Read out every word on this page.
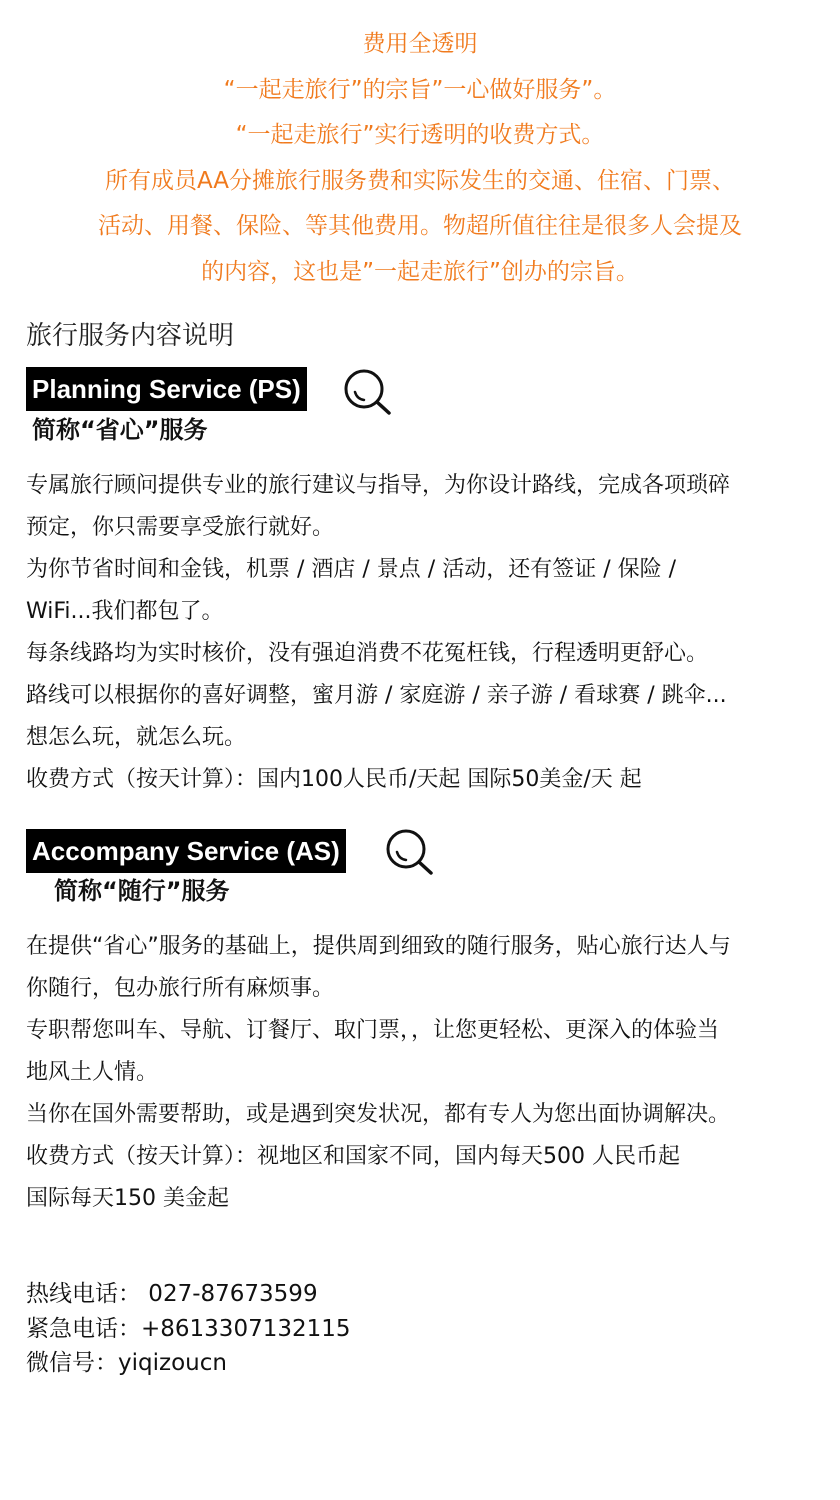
费用全透明
“一起走旅行”的宗旨”一心做好服务”。
“一起走旅行”实行透明的收费方式。
所有成员AA分摊旅行服务费和实际发生的交通、住宿、门票、
活动、用餐、保险、等其他费用。物超所值往往是很多人会提及
的内容，这也是”一起走旅行”创办的宗旨。
旅行服务内容说明
Planning Service (PS)
简称“省心”服务
专属旅行顾问提供专业的旅行建议与指导，为你设计路线，完成各项琐碎
预定，你只需要享受旅行就好。
为你节省时间和金钱，机票 / 酒店 / 景点 / 活动，还有签证 / 保险 /
WiFi...我们都包了。
每条线路均为实时核价，没有强迫消费不花冤枉钱，行程透明更舒心。
路线可以根据你的喜好调整，蜜月游 / 家庭游 / 亲子游 / 看球赛 / 跳伞...
想怎么玩，就怎么玩。
收费方式（按天计算）：国内100人民币/天起 国际50美金/天 起
Accompany Service (AS)
简称“随行”服务
在提供“省心”服务的基础上，提供周到细致的随行服务，贴心旅行达人与
你随行，包办旅行所有麻烦事。
专职帮您叫车、导航、订餐厅、取门票，，让您更轻松、更深入的体验当
地风土人情。
当你在国外需要帮助，或是遇到突发状况，都有专人为您出面协调解决。
收费方式（按天计算）：视地区和国家不同，国内每天500 人民币起
国际每天150 美金起
热线电话： 027-87673599
紧急电话：+8613307132115
微信号：yiqizoucn
